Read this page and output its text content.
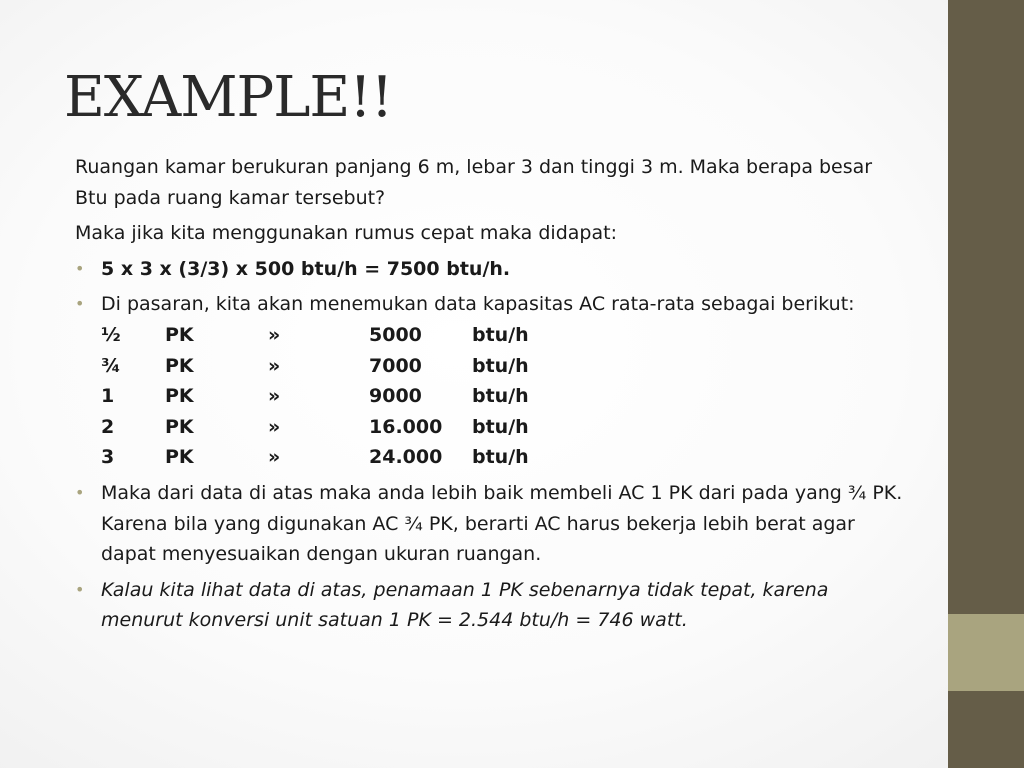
EXAMPLE!!

Ruangan kamar berukuran panjang 6 m, lebar 3 dan tinggi 3 m. Maka berapa besar Btu pada ruang kamar tersebut?

Maka jika kita menggunakan rumus cepat maka didapat:

• 5 x 3 x (3/3) x 500 btu/h = 7500 btu/h.
• Di pasaran, kita akan menemukan data kapasitas AC rata-rata sebagai berikut:
½	PK	»	5000	btu/h
¾	PK	»	7000	btu/h
1	PK	»	9000	btu/h
2	PK	»	16.000	btu/h
3	PK	»	24.000	btu/h
• Maka dari data di atas maka anda lebih baik membeli AC 1 PK dari pada yang ¾ PK. Karena bila yang digunakan AC ¾ PK, berarti AC harus bekerja lebih berat agar dapat menyesuaikan dengan ukuran ruangan.
• Kalau kita lihat data di atas, penamaan 1 PK sebenarnya tidak tepat, karena menurut konversi unit satuan 1 PK = 2.544 btu/h = 746 watt.
